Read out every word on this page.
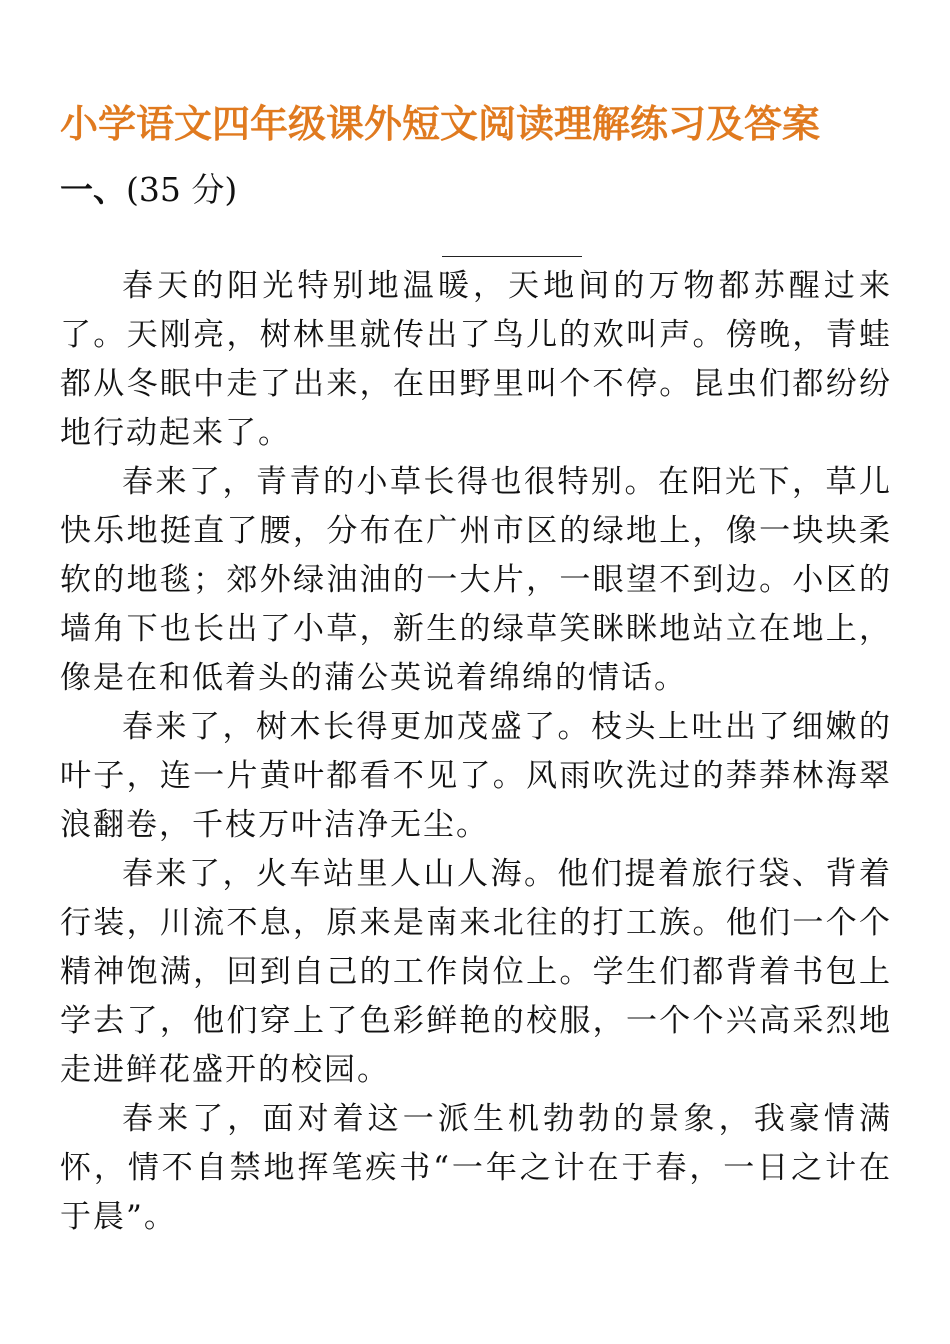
小学语文四年级课外短文阅读理解练习及答案
一、(35 分)

春天的阳光特别地温暖，天地间的万物都苏醒过来了。天刚亮，树林里就传出了鸟儿的欢叫声。傍晚，青蛙都从冬眠中走了出来，在田野里叫个不停。昆虫们都纷纷地行动起来了。

春来了，青青的小草长得也很特别。在阳光下，草儿快乐地挺直了腰，分布在广州市区的绿地上，像一块块柔软的地毯；郊外绿油油的一大片，一眼望不到边。小区的墙角下也长出了小草，新生的绿草笑眯眯地站立在地上，像是在和低着头的蒲公英说着绵绵的情话。

春来了，树木长得更加茂盛了。枝头上吐出了细嫩的叶子，连一片黄叶都看不见了。风雨吹洗过的莽莽林海翠浪翻卷，千枝万叶洁净无尘。

春来了，火车站里人山人海。他们提着旅行袋、背着行装，川流不息，原来是南来北往的打工族。他们一个个精神饱满，回到自己的工作岗位上。学生们都背着书包上学去了，他们穿上了色彩鲜艳的校服，一个个兴高采烈地走进鲜花盛开的校园。

春来了，面对着这一派生机勃勃的景象，我豪情满怀，情不自禁地挥笔疾书“一年之计在于春，一日之计在于晨”。
